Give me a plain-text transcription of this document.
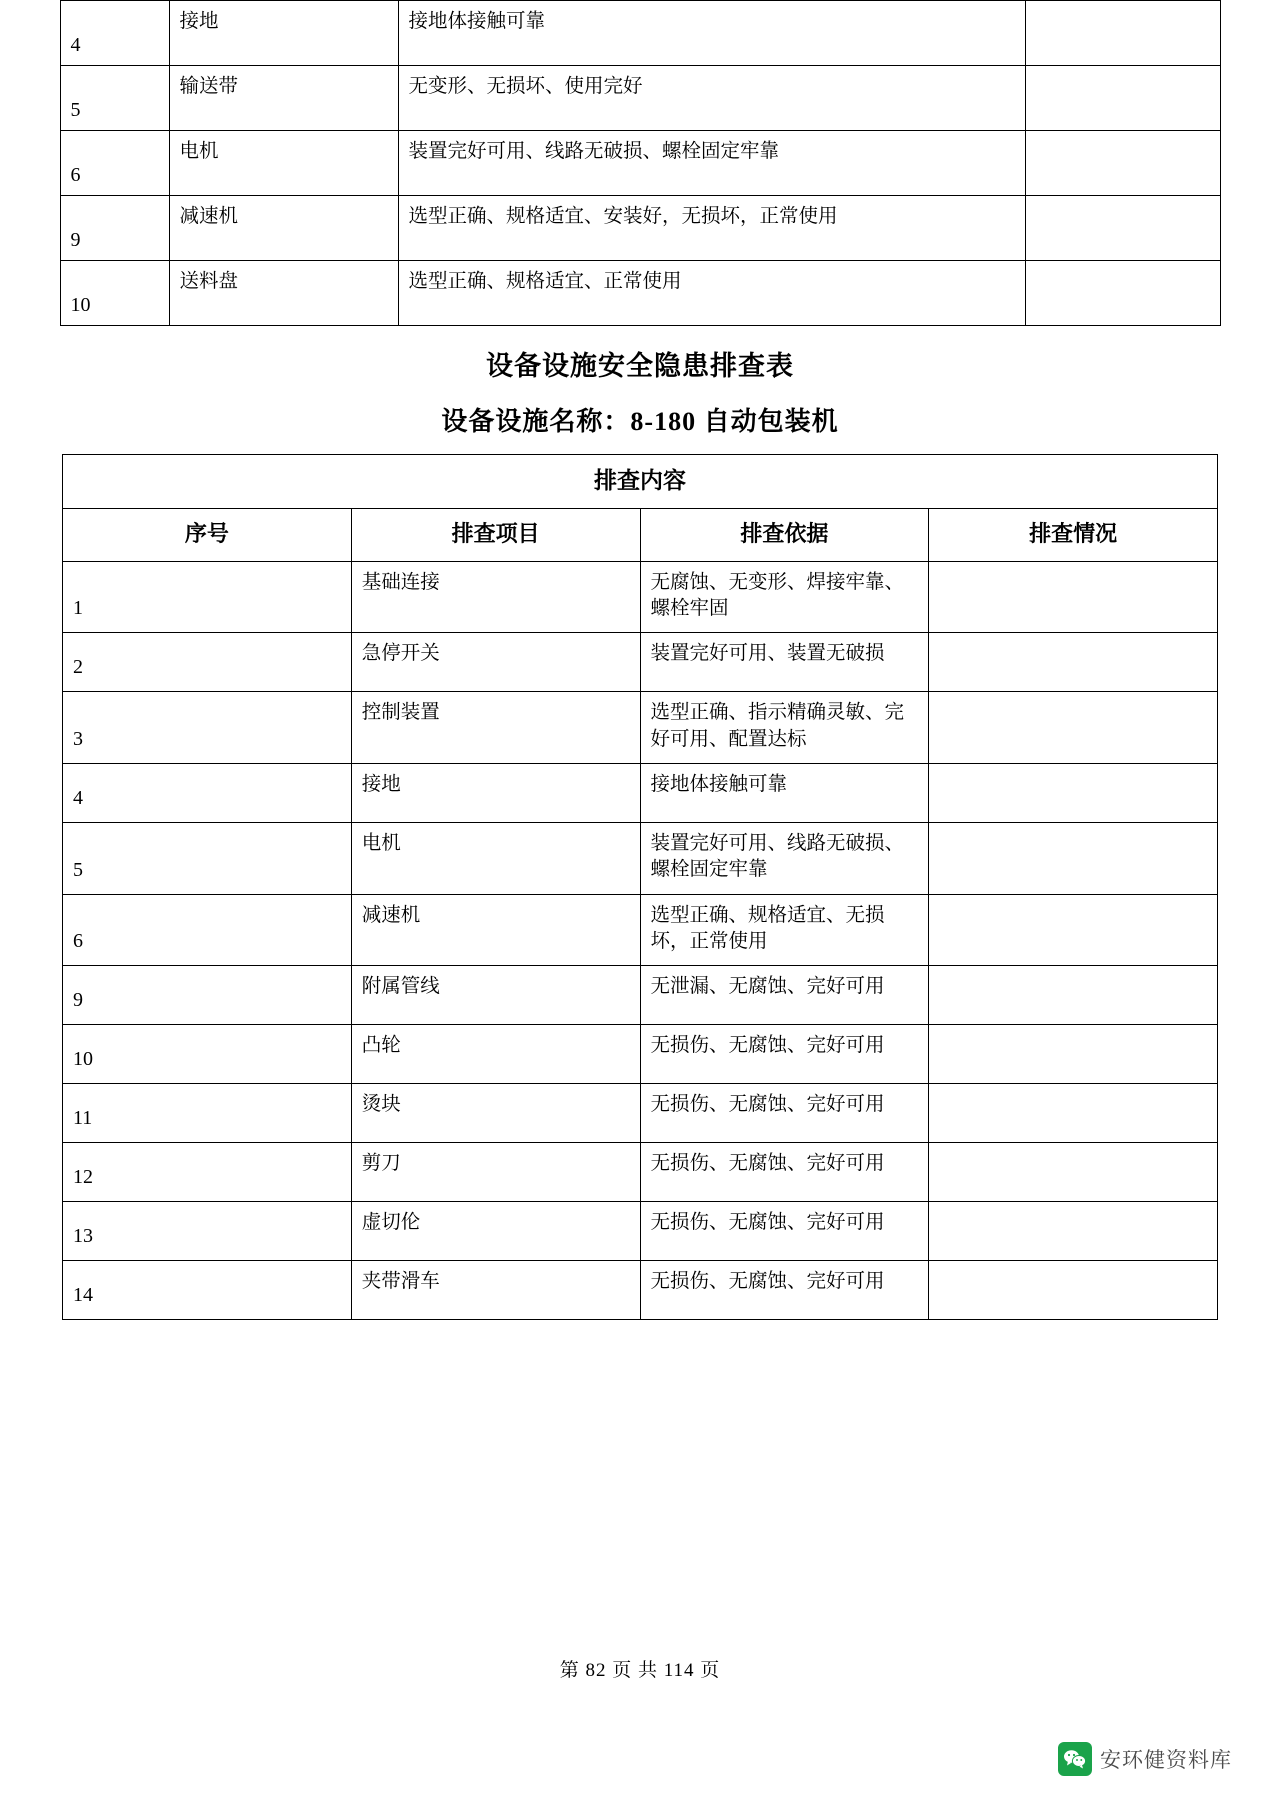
4	接地	接地体接触可靠	
5	输送带	无变形、无损坏、使用完好	
6	电机	装置完好可用、线路无破损、螺栓固定牢靠	
9	减速机	选型正确、规格适宜、安装好，无损坏，正常使用	
10	送料盘	选型正确、规格适宜、正常使用	
设备设施安全隐患排查表
设备设施名称：8-180 自动包装机
排查内容			
序号	排查项目	排查依据	排查情况
1	基础连接	无腐蚀、无变形、焊接牢靠、螺栓牢固	
2	急停开关	装置完好可用、装置无破损	
3	控制装置	选型正确、指示精确灵敏、完好可用、配置达标	
4	接地	接地体接触可靠	
5	电机	装置完好可用、线路无破损、螺栓固定牢靠	
6	减速机	选型正确、规格适宜、无损坏，正常使用	
9	附属管线	无泄漏、无腐蚀、完好可用	
10	凸轮	无损伤、无腐蚀、完好可用	
11	烫块	无损伤、无腐蚀、完好可用	
12	剪刀	无损伤、无腐蚀、完好可用	
13	虚切伦	无损伤、无腐蚀、完好可用	
14	夹带滑车	无损伤、无腐蚀、完好可用	
第 82 页 共 114 页
安环健资料库
